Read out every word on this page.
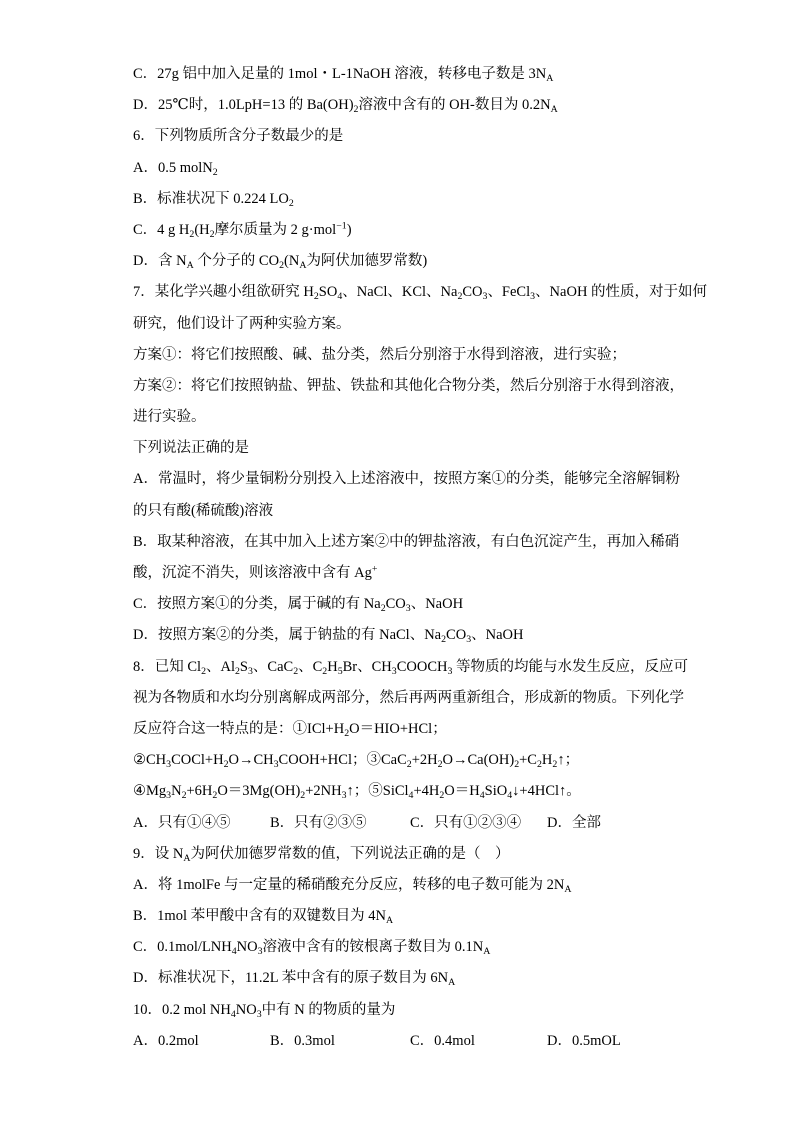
C．27g 铝中加入足量的 1mol・L-1NaOH 溶液，转移电子数是 $3N_A$
D．25℃时，1.0LpH=13 的 $Ba(OH)_2$溶液中含有的 OH-数目为 $0.2N_A$
6．下列物质所含分子数最少的是
A．0.5 molN$_2$
B．标准状况下 0.224 $LO_2$
C．4 g $H_2(H_2$摩尔质量为 2 g·mol$^{-1}$)
D．含 $N_A$ 个分子的 $CO_2(N_A$为阿伏加德罗常数)
7．某化学兴趣小组欲研究 $H_2SO_4$、NaCl、KCl、$Na_2CO_3$、FeCl$_3$、NaOH 的性质，对于如何
研究，他们设计了两种实验方案。
方案①：将它们按照酸、碱、盐分类，然后分别溶于水得到溶液，进行实验；
方案②：将它们按照钠盐、钾盐、铁盐和其他化合物分类，然后分别溶于水得到溶液，
进行实验。
下列说法正确的是
A．常温时，将少量铜粉分别投入上述溶液中，按照方案①的分类，能够完全溶解铜粉
的只有酸(稀硫酸)溶液
B．取某种溶液，在其中加入上述方案②中的钾盐溶液，有白色沉淀产生，再加入稀硝
酸，沉淀不消失，则该溶液中含有 Ag+
C．按照方案①的分类，属于碱的有 $Na_2CO_3$、NaOH
D．按照方案②的分类，属于钠盐的有 NaCl、$Na_2CO_3$、NaOH
8．已知 $Cl_2$、$Al_2S_3$、CaC$_2$、$C_2H_5Br$、$CH_3COOCH_3$ 等物质的均能与水发生反应，反应可
视为各物质和水均分别离解成两部分，然后再两两重新组合，形成新的物质。下列化学
反应符合这一特点的是：$①ICl+H_2O=HIO+HCl$；
$②CH_3COCl+H_2O\to CH_3COOH+HCl$；$③CaC_2+2H_2O\to Ca(OH)_2+C_2H_2↑$；
$④Mg_3N_2+6H_2O=3Mg(OH)_2+2NH_3↑$；$⑤SiCl_4+4H_2O=H_4SiO_4↓+4HCl↑$。
A．只有①④⑤	B．只有②③⑤	C．只有①②③④	D．全部
9．设 $N_A$为阿伏加德罗常数的值，下列说法正确的是（    ）
A．将 1molFe 与一定量的稀硝酸充分反应，转移的电子数可能为 $2N_A$
B．1mol 苯甲酸中含有的双键数目为 $4N_A$
C．$0.1mol/LNH_4NO_3$溶液中含有的铵根离子数目为 $0.1N_A$
D．标准状况下，11.2L 苯中含有的原子数目为 $6N_A$
10．0.2 mol $NH_4NO_3$中有 N 的物质的量为
A．0.2mol	B．0.3mol	C．0.4mol	D．0.5mOL
